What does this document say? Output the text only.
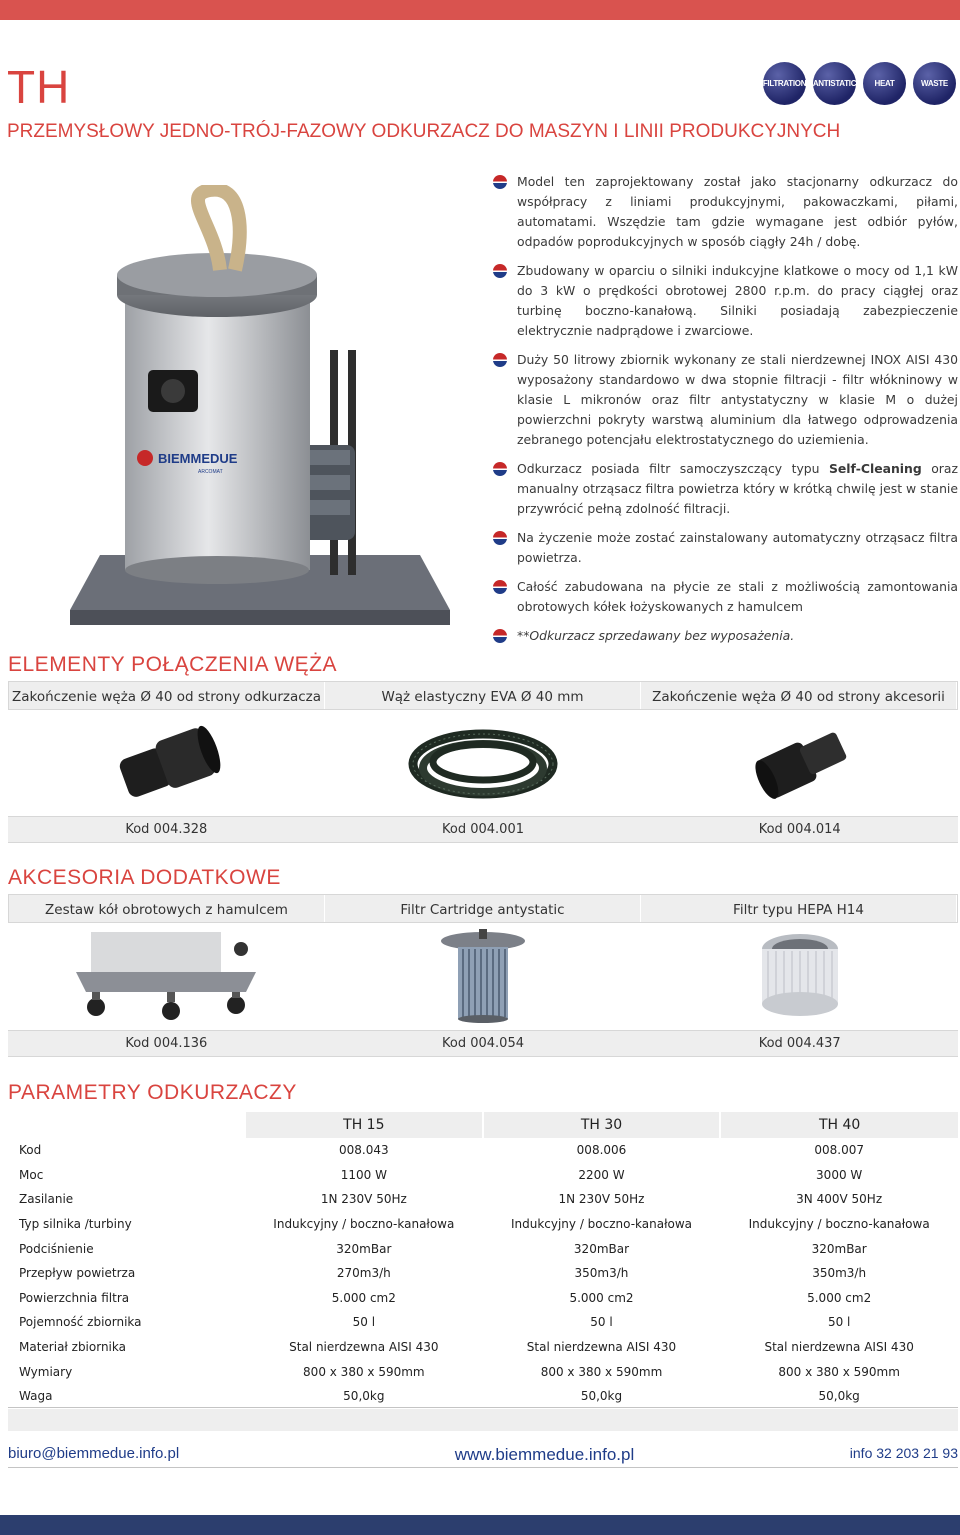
TH
PRZEMYSŁOWY JEDNO-TRÓJ-FAZOWY ODKURZACZ DO MASZYN I LINII PRODUKCYJNYCH
FILTRATION ANTISTATIC	HEAT	WASTE
BIEMMEDUE
ARCOMAT

Model ten zaprojektowany został jako stacjonarny odkurzacz do współpracy z liniami produkcyjnymi, pakowaczkami, piłami, automatami. Wszędzie tam gdzie wymagane jest odbiór pyłów, odpadów poprodukcyjnych w sposób ciągły 24h / dobę.

Zbudowany w oparciu o silniki indukcyjne klatkowe o mocy od 1,1 kW do 3 kW o prędkości obrotowej 2800 r.p.m. do pracy ciągłej oraz turbinę boczno-kanałową. Silniki posiadają zabezpieczenie elektrycznie nadprądowe i zwarciowe.

Duży 50 litrowy zbiornik wykonany ze stali nierdzewnej INOX AISI 430 wyposażony standardowo w dwa stopnie filtracji - filtr włókninowy w klasie L mikronów oraz filtr antystatyczny w klasie M o dużej powierzchni pokryty warstwą aluminium dla łatwego odprowadzenia zebranego potencjału elektrostatycznego do uziemienia.

Odkurzacz posiada filtr samoczyszczący typu Self-Cleaning oraz manualny otrząsacz filtra powietrza który w krótką chwilę jest w stanie przywrócić pełną zdolność filtracji.

Na życzenie może zostać zainstalowany automatyczny otrząsacz filtra powietrza.

Całość zabudowana na płycie ze stali z możliwością zamontowania obrotowych kółek łożyskowanych z hamulcem

**Odkurzacz sprzedawany bez wyposażenia.

ELEMENTY POŁĄCZENIA WĘŻA
Zakończenie węża Ø 40 od strony odkurzacza	Wąż elastyczny EVA Ø 40 mm	Zakończenie węża Ø 40 od strony akcesorii
Kod 004.328	Kod 004.001	Kod 004.014
AKCESORIA DODATKOWE
Zestaw kół obrotowych z hamulcem	Filtr Cartridge antystatic	Filtr typu HEPA H14
Kod 004.136	Kod 004.054	Kod 004.437
PARAMETRY ODKURZACZY
	TH 15	TH 30	TH 40
Kod	008.043	008.006	008.007
Moc	1100 W	2200 W	3000 W
Zasilanie	1N 230V 50Hz	1N 230V 50Hz	3N 400V 50Hz
Typ silnika /turbiny	Indukcyjny / boczno-kanałowa	Indukcyjny / boczno-kanałowa	Indukcyjny / boczno-kanałowa
Podciśnienie	320mBar	320mBar	320mBar
Przepływ powietrza	270m3/h	350m3/h	350m3/h
Powierzchnia filtra	5.000 cm2	5.000 cm2	5.000 cm2
Pojemność zbiornika	50 l	50 l	50 l
Materiał zbiornika	Stal nierdzewna AISI 430	Stal nierdzewna AISI 430	Stal nierdzewna AISI 430
Wymiary	800 x 380 x 590mm	800 x 380 x 590mm	800 x 380 x 590mm
Waga	50,0kg	50,0kg	50,0kg

biuro@biemmedue.info.pl	www.biemmedue.info.pl	info 32 203 21 93
